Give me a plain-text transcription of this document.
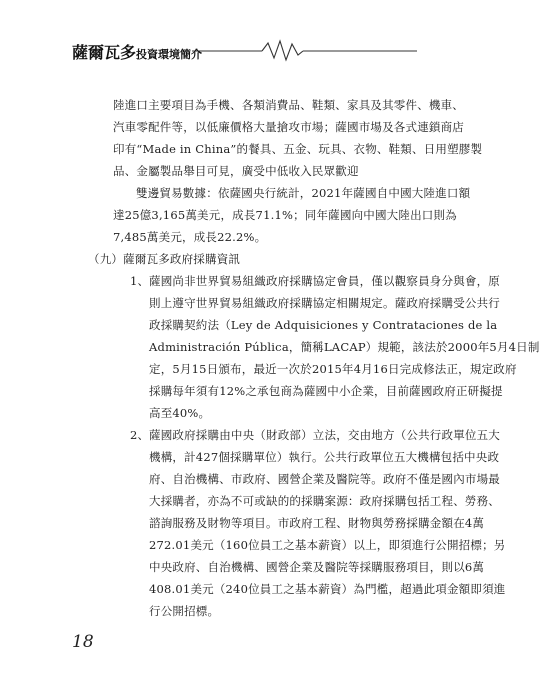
薩爾瓦多投資環境簡介
陸進口主要項目為手機、各類消費品、鞋類、家具及其零件、機車、
汽車零配件等，以低廉價格大量搶攻市場；薩國市場及各式連鎖商店
印有“Made in China”的餐具、五金、玩具、衣物、鞋類、日用塑膠製
品、金屬製品舉目可見，廣受中低收入民眾歡迎
雙邊貿易數據：依薩國央行統計，2021年薩國自中國大陸進口額
達25億3,165萬美元，成長71.1%；同年薩國向中國大陸出口則為
7,485萬美元，成長22.2%。
（九）薩爾瓦多政府採購資訊
1、 薩國尚非世界貿易組織政府採購協定會員，僅以觀察員身分與會，原
則上遵守世界貿易組織政府採購協定相關規定。薩政府採購受公共行
政採購契約法（Ley de Adquisiciones y Contrataciones de la
Administración Pública，簡稱LACAP）規範，該法於2000年5月4日制
定，5月15日頒布，最近一次於2015年4月16日完成修法正，規定政府
採購每年須有12%之承包商為薩國中小企業，目前薩國政府正研擬提
高至40%。
2、 薩國政府採購由中央（財政部）立法，交由地方（公共行政單位五大
機構，計427個採購單位）執行。公共行政單位五大機構包括中央政
府、自治機構、市政府、國營企業及醫院等。政府不僅是國內市場最
大採購者，亦為不可或缺的的採購案源：政府採購包括工程、勞務、
諮詢服務及財物等項目。市政府工程、財物與勞務採購金額在4萬
272.01美元（160位員工之基本薪資）以上，即須進行公開招標；另
中央政府、自治機構、國營企業及醫院等採購服務項目，則以6萬
408.01美元（240位員工之基本薪資）為門檻，超過此項金額即須進
行公開招標。
18
